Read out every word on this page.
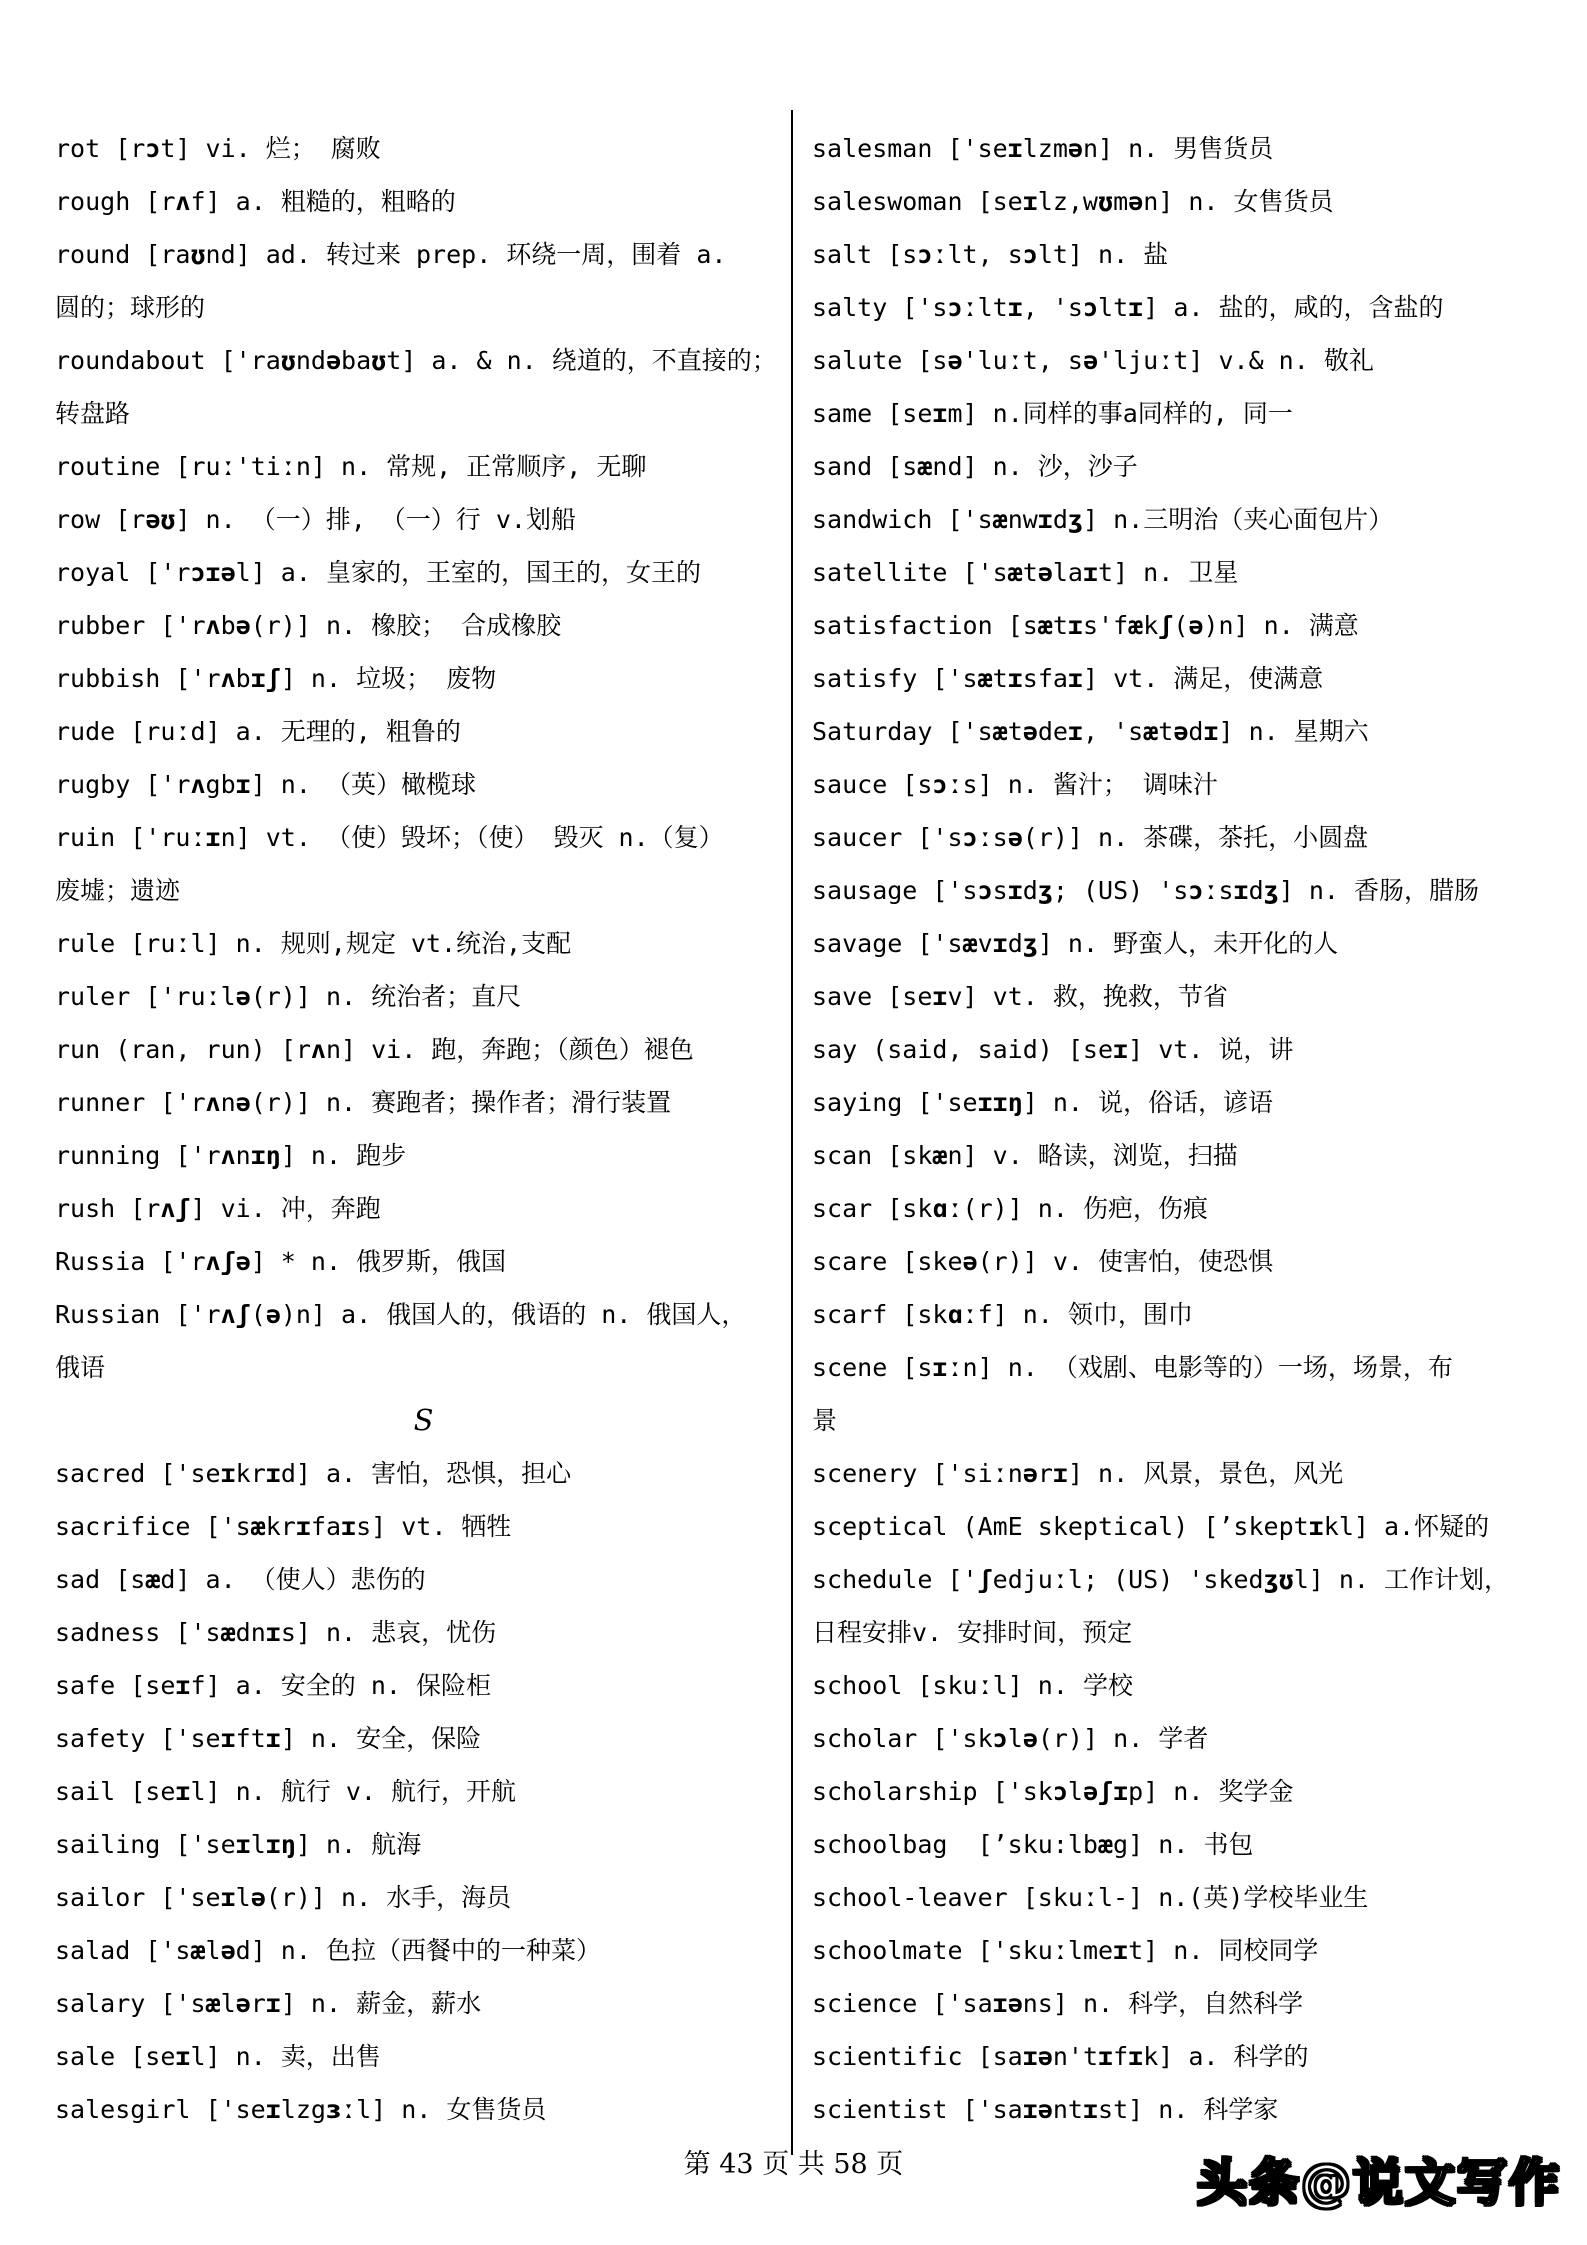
rot [rɔt] vi. 烂； 腐败
rough [rʌf] a. 粗糙的，粗略的
round [raʊnd] ad. 转过来 prep. 环绕一周，围着 a.
圆的；球形的
roundabout ['raʊndəbaʊt] a. & n. 绕道的，不直接的；
转盘路
routine [ruː'tiːn] n. 常规, 正常顺序, 无聊
row [rəʊ] n. （一）排, （一）行 v.划船
royal ['rɔɪəl] a. 皇家的，王室的，国王的，女王的
rubber ['rʌbə(r)] n. 橡胶； 合成橡胶
rubbish ['rʌbɪʃ] n. 垃圾； 废物
rude [ruːd] a. 无理的, 粗鲁的
rugby ['rʌgbɪ] n. （英）橄榄球
ruin ['ruːɪn] vt. （使）毁坏；（使） 毁灭 n.（复）
废墟；遗迹
rule [ruːl] n. 规则,规定 vt.统治,支配
ruler ['ruːlə(r)] n. 统治者；直尺
run (ran, run) [rʌn] vi. 跑，奔跑；（颜色）褪色
runner ['rʌnə(r)] n. 赛跑者；操作者；滑行装置
running ['rʌnɪŋ] n. 跑步
rush [rʌʃ] vi. 冲，奔跑
Russia ['rʌʃə] * n. 俄罗斯，俄国
Russian ['rʌʃ(ə)n] a. 俄国人的，俄语的 n. 俄国人，
俄语
S
sacred ['seɪkrɪd] a. 害怕，恐惧，担心
sacrifice ['sækrɪfaɪs] vt. 牺牲
sad [sæd] a. （使人）悲伤的
sadness ['sædnɪs] n. 悲哀，忧伤
safe [seɪf] a. 安全的 n. 保险柜
safety ['seɪftɪ] n. 安全，保险
sail [seɪl] n. 航行 v. 航行，开航
sailing ['seɪlɪŋ] n. 航海
sailor ['seɪlə(r)] n. 水手，海员
salad ['sæləd] n. 色拉（西餐中的一种菜）
salary ['sælərɪ] n. 薪金，薪水
sale [seɪl] n. 卖，出售
salesgirl ['seɪlzgɜːl] n. 女售货员
salesman ['seɪlzmən] n. 男售货员
saleswoman [seɪlz,wʊmən] n. 女售货员
salt [sɔːlt, sɔlt] n. 盐
salty ['sɔːltɪ, 'sɔltɪ] a. 盐的，咸的，含盐的
salute [sə'luːt, sə'ljuːt] v.& n. 敬礼
same [seɪm] n.同样的事a同样的, 同一
sand [sænd] n. 沙，沙子
sandwich ['sænwɪdʒ] n.三明治（夹心面包片）
satellite ['sætəlaɪt] n. 卫星
satisfaction [sætɪs'fækʃ(ə)n] n. 满意
satisfy ['sætɪsfaɪ] vt. 满足，使满意
Saturday ['sætədeɪ, 'sætədɪ] n. 星期六
sauce [sɔːs] n. 酱汁； 调味汁
saucer ['sɔːsə(r)] n. 茶碟，茶托，小圆盘
sausage ['sɔsɪdʒ; (US) 'sɔːsɪdʒ] n. 香肠，腊肠
savage ['sævɪdʒ] n. 野蛮人，未开化的人
save [seɪv] vt. 救，挽救，节省
say (said, said) [seɪ] vt. 说，讲
saying ['seɪɪŋ] n. 说，俗话，谚语
scan [skæn] v. 略读，浏览，扫描
scar [skɑː(r)] n. 伤疤，伤痕
scare [skeə(r)] v. 使害怕，使恐惧
scarf [skɑːf] n. 领巾，围巾
scene [sɪːn] n. （戏剧、电影等的）一场，场景，布
景
scenery ['siːnərɪ] n. 风景，景色，风光
sceptical (AmE skeptical) [’skeptɪkl] a.怀疑的
schedule ['ʃedjuːl; (US) 'skedʒʊl] n. 工作计划，
日程安排v. 安排时间，预定
school [skuːl] n. 学校
scholar ['skɔlə(r)] n. 学者
scholarship ['skɔləʃɪp] n. 奖学金
schoolbag  [’sku:lbæg] n. 书包
school-leaver [skuːl-] n.(英)学校毕业生
schoolmate ['skuːlmeɪt] n. 同校同学
science ['saɪəns] n. 科学，自然科学
scientific [saɪən'tɪfɪk] a. 科学的
scientist ['saɪəntɪst] n. 科学家
第 43 页 共 58 页	头条@说文写作
